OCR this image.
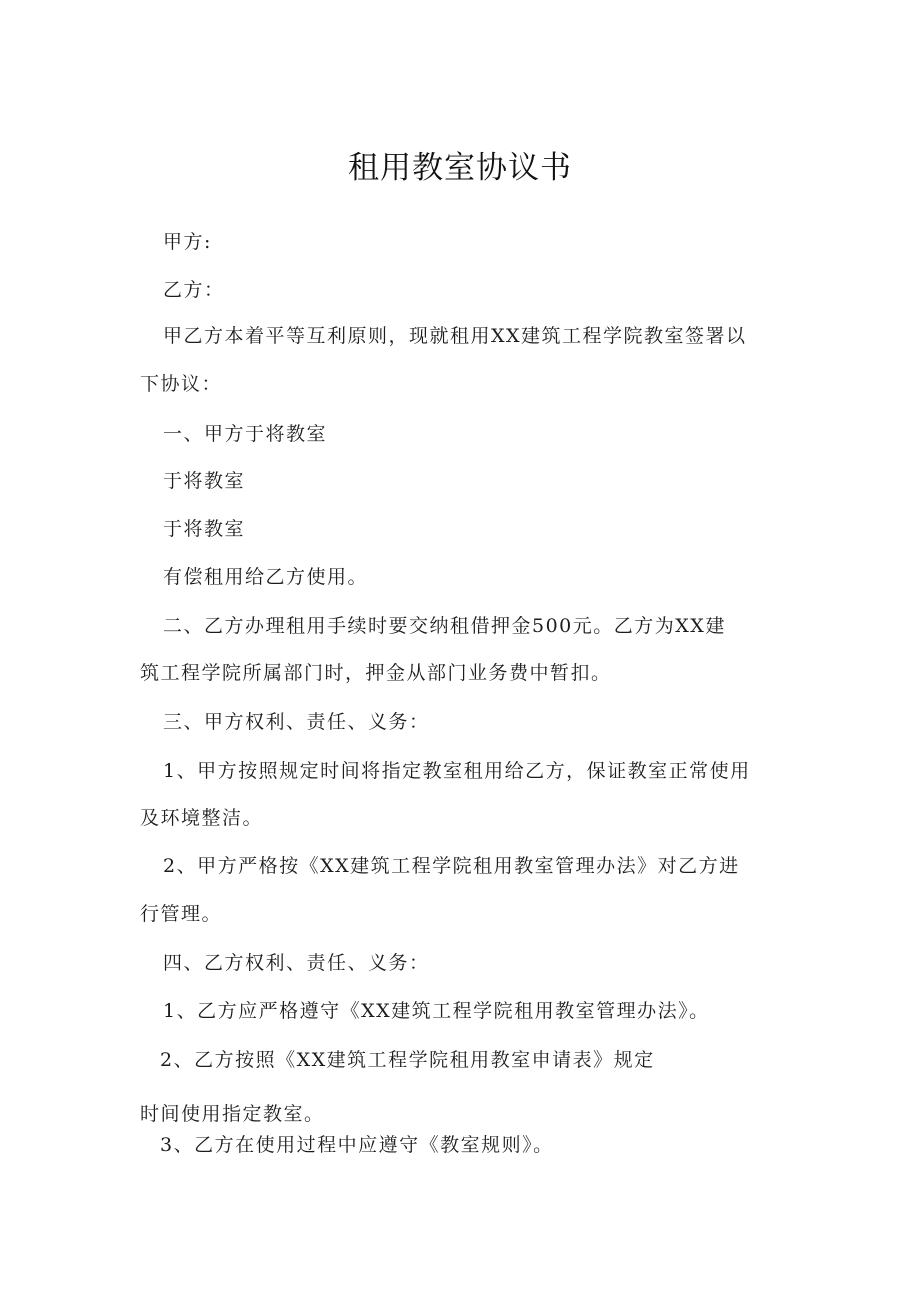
租用教室协议书
甲方:
乙方：
甲乙方本着平等互利原则，现就租用XX建筑工程学院教室签署以
下协议：
一、甲方于将教室
于将教室
于将教室
有偿租用给乙方使用。
二、乙方办理租用手续时要交纳租借押金500元。乙方为XX建
筑工程学院所属部门时，押金从部门业务费中暂扣。
三、甲方权利、责任、义务：
1、甲方按照规定时间将指定教室租用给乙方，保证教室正常使用
及环境整洁。
2、甲方严格按《XX建筑工程学院租用教室管理办法》对乙方进
行管理。
四、乙方权利、责任、义务：
1、乙方应严格遵守《XX建筑工程学院租用教室管理办法》。
2、乙方按照《XX建筑工程学院租用教室申请表》规定
时间使用指定教室。
3、乙方在使用过程中应遵守《教室规则》。
